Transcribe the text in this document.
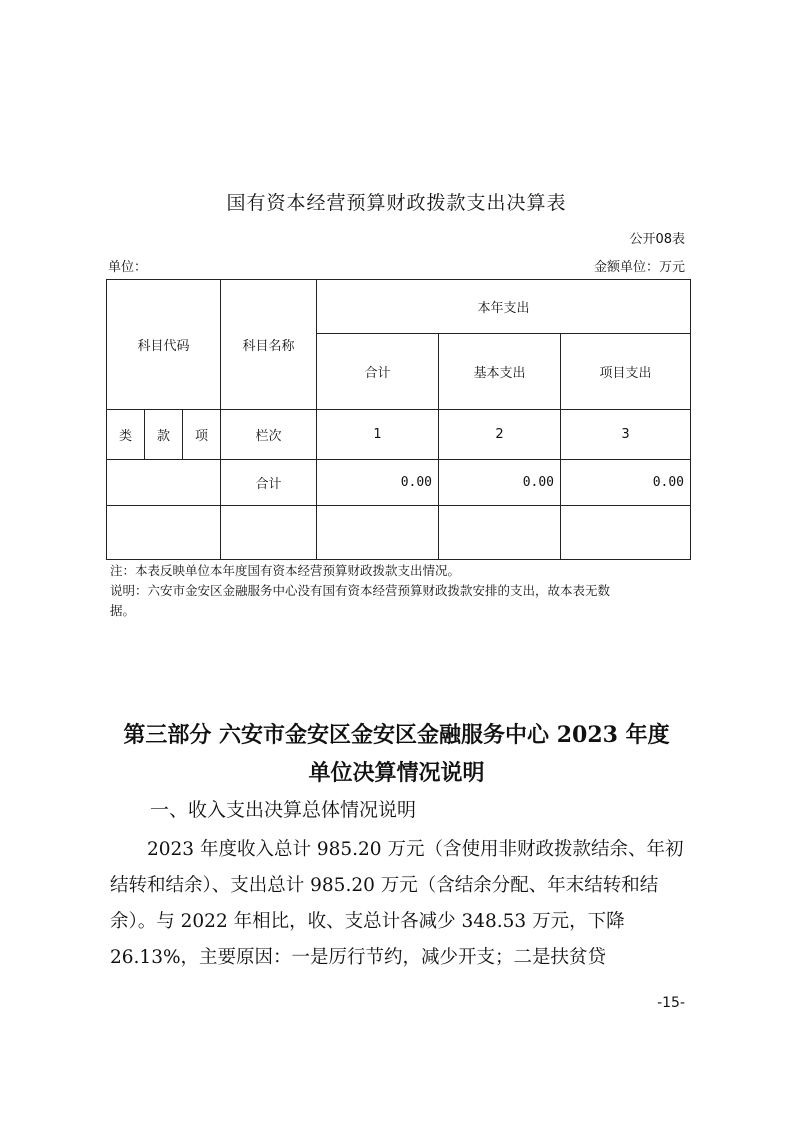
国有资本经营预算财政拨款支出决算表
公开08表
单位：	金额单位：万元
科目代码			科目名称	本年支出		
				合计	基本支出	项目支出
类	款	项	栏次	1	2	3
			合计	0.00	0.00	0.00

注：本表反映单位本年度国有资本经营预算财政拨款支出情况。
说明：六安市金安区金融服务中心没有国有资本经营预算财政拨款安排的支出，故本表无数
据。
第三部分 六安市金安区金安区金融服务中心 2023 年度
单位决算情况说明
一、收入支出决算总体情况说明
2023 年度收入总计 985.20 万元（含使用非财政拨款结余、年初结转和结余）、支出总计 985.20 万元（含结余分配、年末结转和结余）。与 2022 年相比，收、支总计各减少 348.53 万元，下降 26.13%，主要原因：一是厉行节约，减少开支；二是扶贫贷
-15-
